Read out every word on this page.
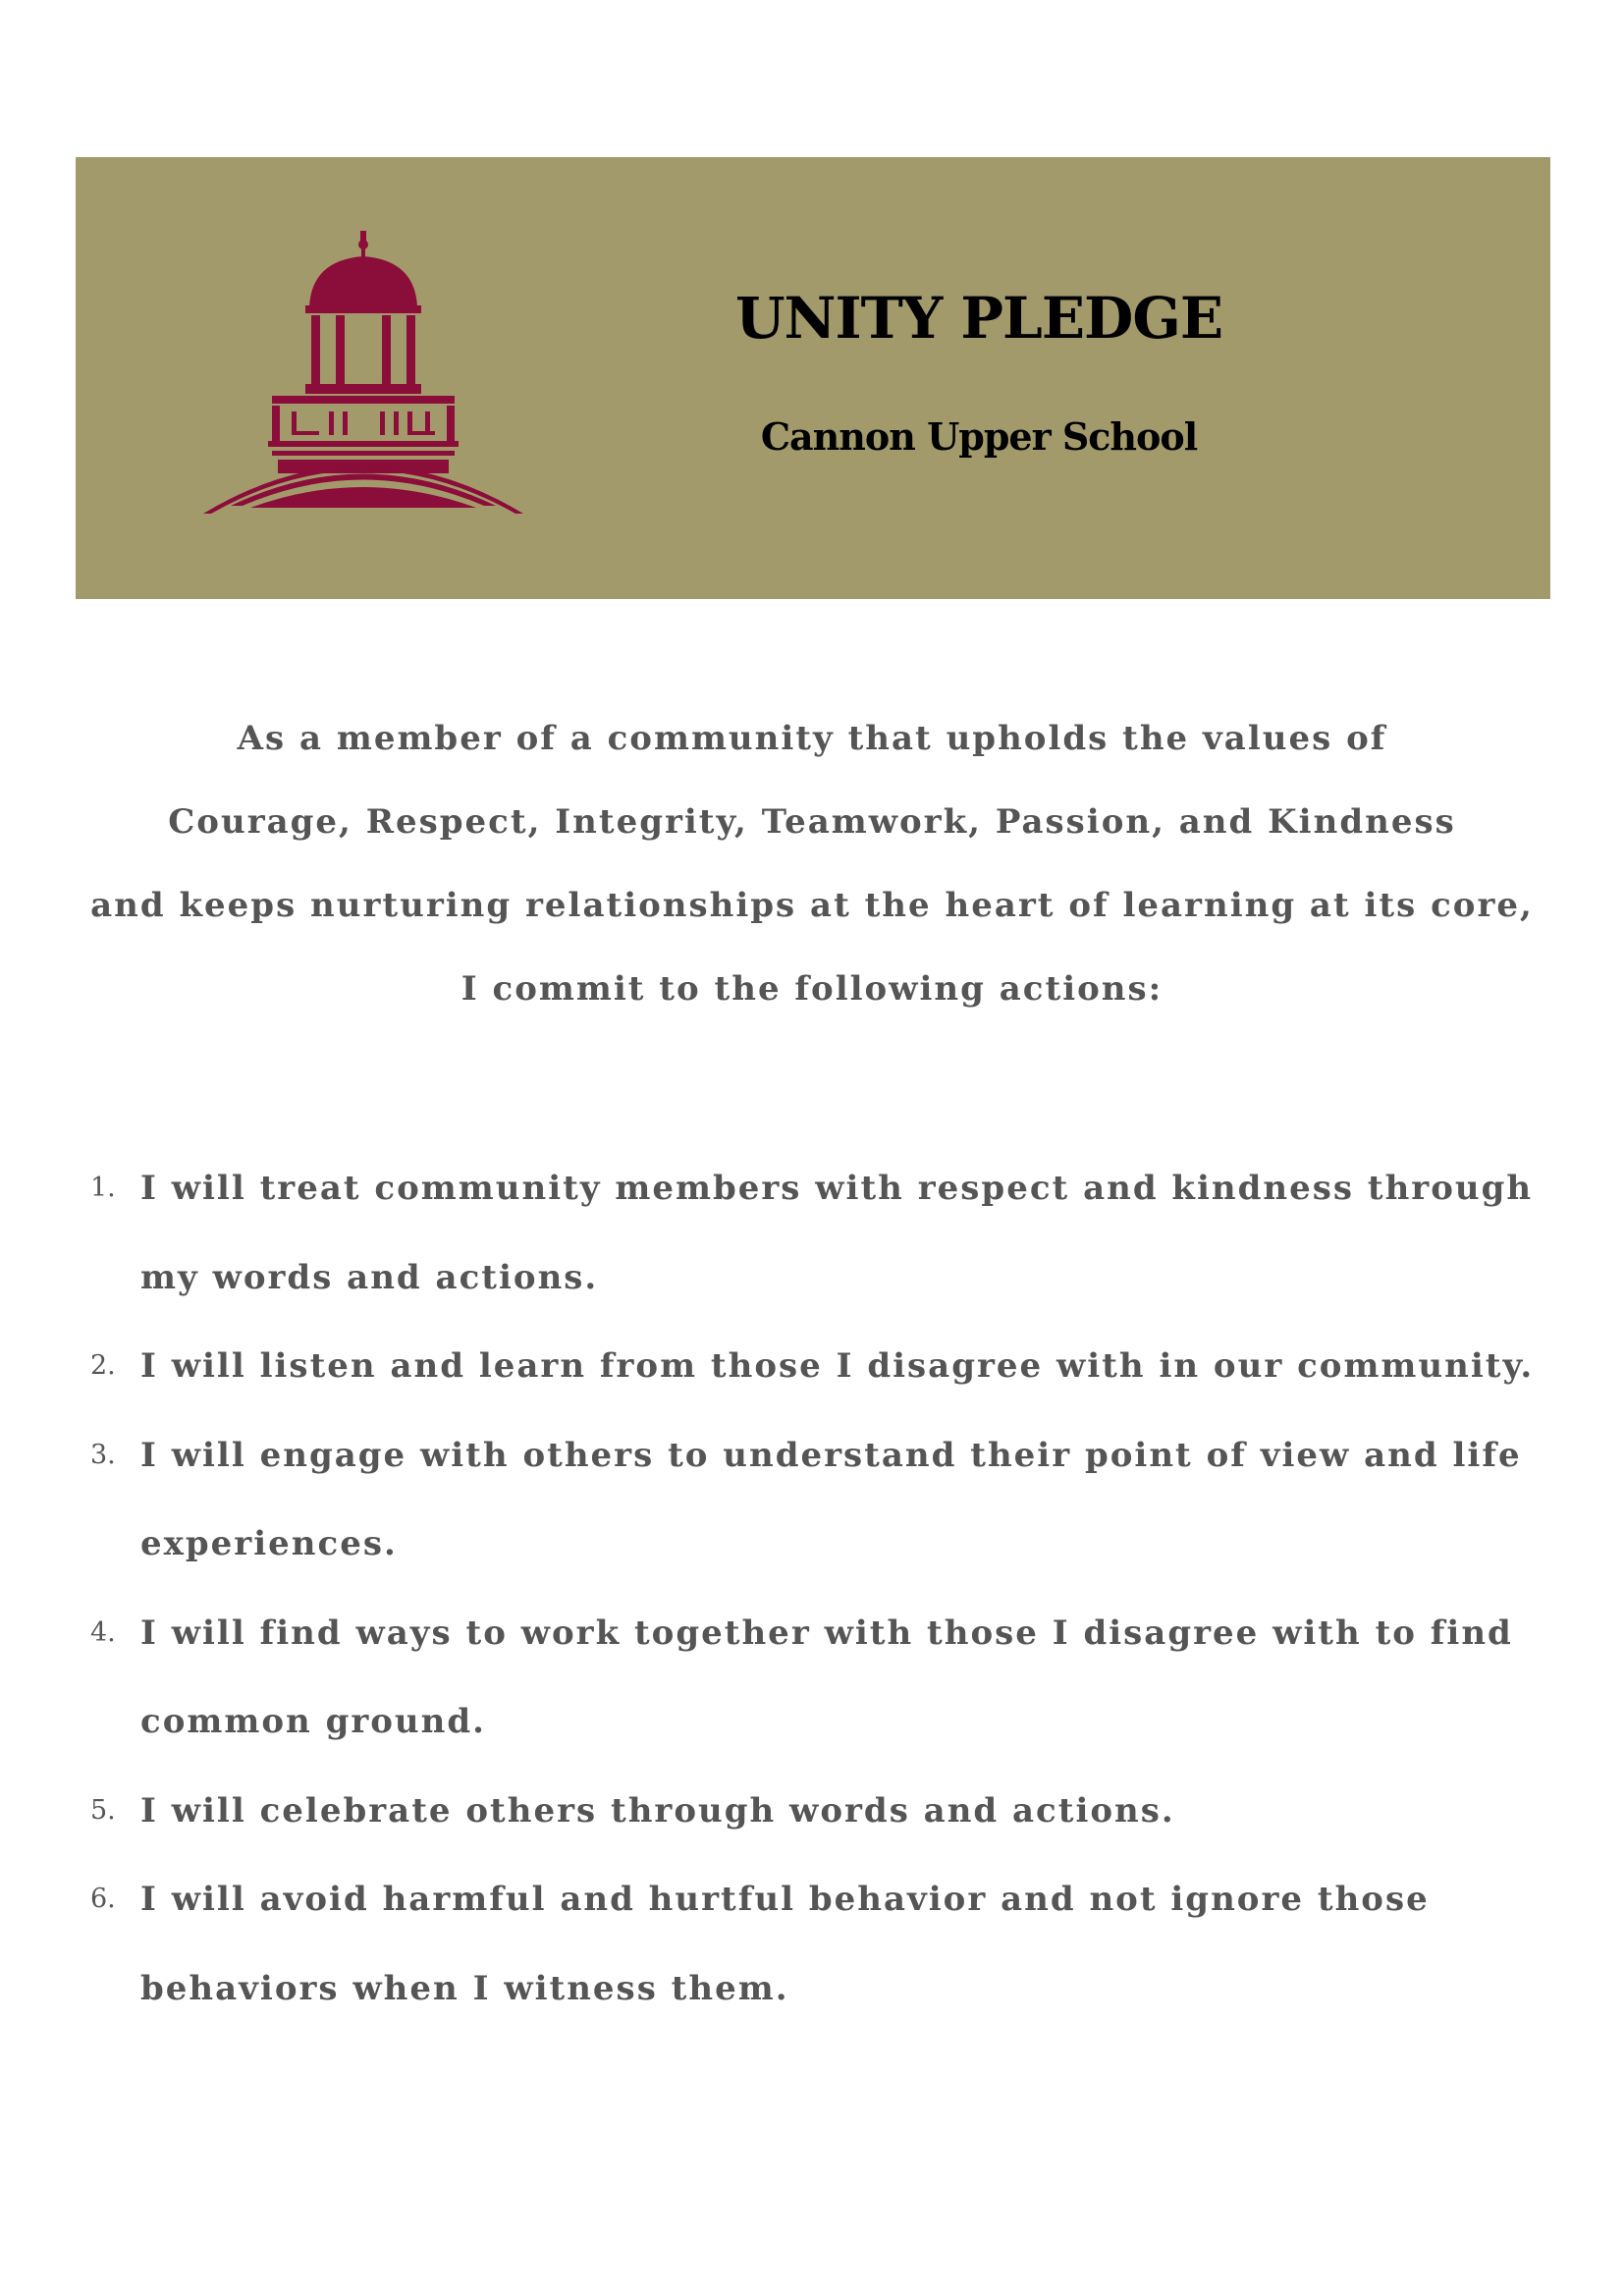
UNITY PLEDGE
Cannon Upper School

As a member of a community that upholds the values of

Courage, Respect, Integrity, Teamwork, Passion, and Kindness

and keeps nurturing relationships at the heart of learning at its core,

I commit to the following actions:

1. I will treat community members with respect and kindness through my words and actions.
2. I will listen and learn from those I disagree with in our community.
3. I will engage with others to understand their point of view and life experiences.
4. I will find ways to work together with those I disagree with to find common ground.
5. I will celebrate others through words and actions.
6. I will avoid harmful and hurtful behavior and not ignore those behaviors when I witness them.
